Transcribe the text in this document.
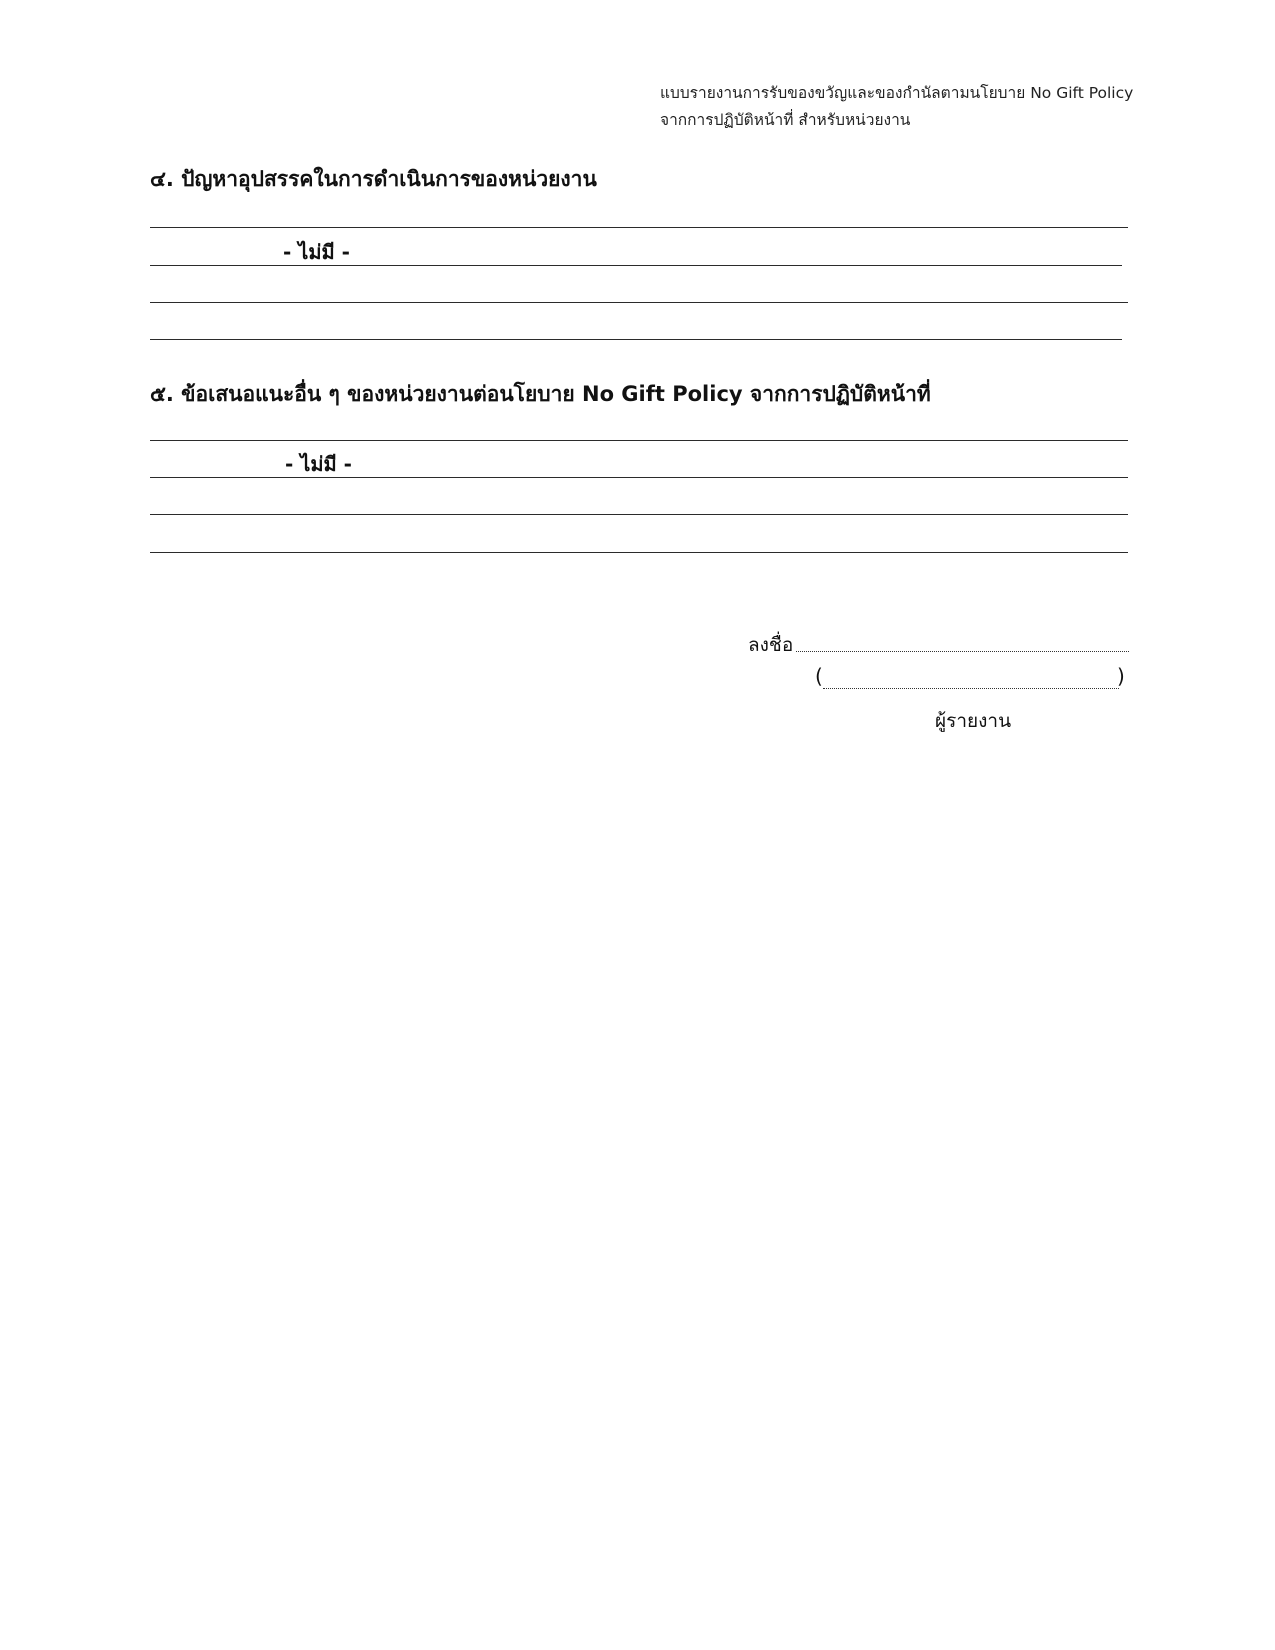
แบบรายงานการรับของขวัญและของกำนัลตามนโยบาย No Gift Policy
จากการปฏิบัติหน้าที่ สำหรับหน่วยงาน
๔. ปัญหาอุปสรรคในการดำเนินการของหน่วยงาน
- ไม่มี -
๕. ข้อเสนอแนะอื่น ๆ ของหน่วยงานต่อนโยบาย No Gift Policy จากการปฏิบัติหน้าที่
- ไม่มี -
ลงชื่อ
(	)
ผู้รายงาน
